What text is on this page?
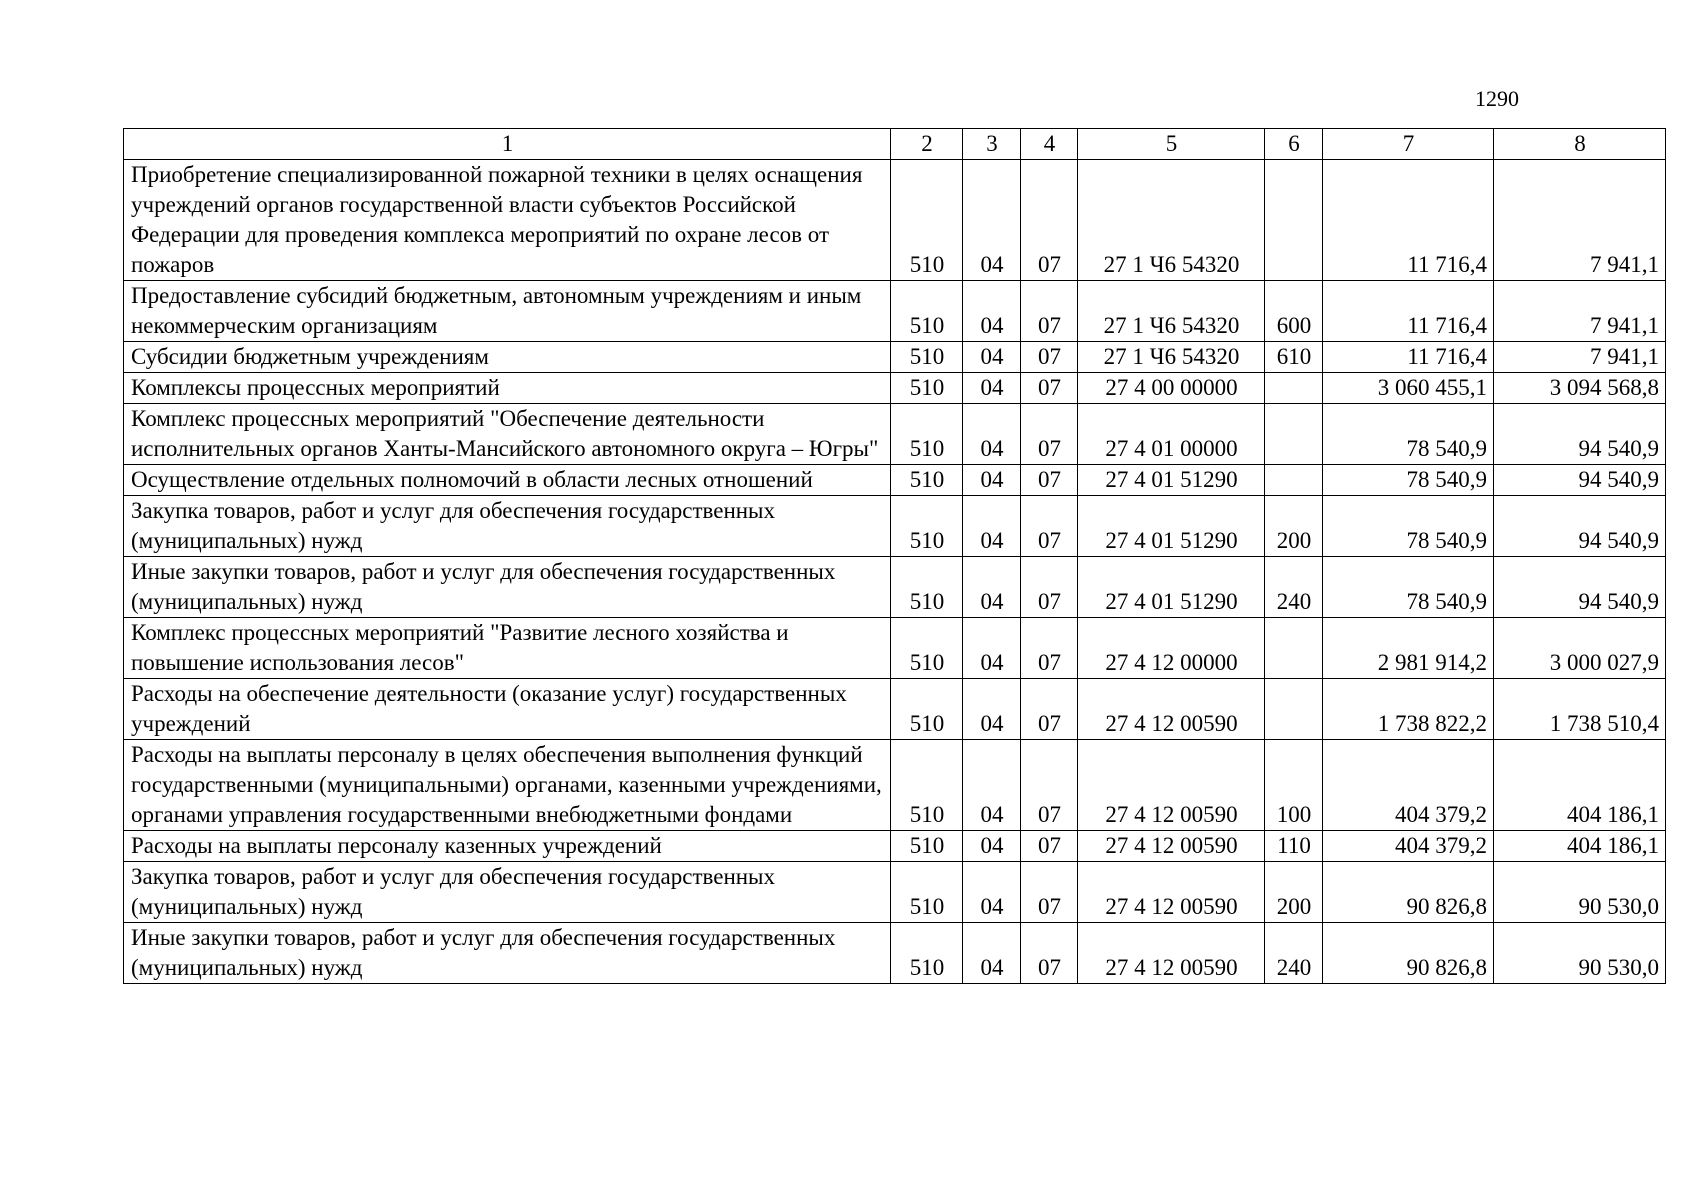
1290
1	2	3	4	5	6	7	8
Приобретение специализированной пожарной техники в целях оснащения учреждений органов государственной власти субъектов Российской Федерации для проведения комплекса мероприятий по охране лесов от пожаров	510	04	07	27 1 Ч6 54320		11 716,4	7 941,1
Предоставление субсидий бюджетным, автономным учреждениям и иным некоммерческим организациям	510	04	07	27 1 Ч6 54320	600	11 716,4	7 941,1
Субсидии бюджетным учреждениям	510	04	07	27 1 Ч6 54320	610	11 716,4	7 941,1
Комплексы процессных мероприятий	510	04	07	27 4 00 00000		3 060 455,1	3 094 568,8
Комплекс процессных мероприятий "Обеспечение деятельности исполнительных органов Ханты-Мансийского автономного округа – Югры"	510	04	07	27 4 01 00000		78 540,9	94 540,9
Осуществление отдельных полномочий в области лесных отношений	510	04	07	27 4 01 51290		78 540,9	94 540,9
Закупка товаров, работ и услуг для обеспечения государственных (муниципальных) нужд	510	04	07	27 4 01 51290	200	78 540,9	94 540,9
Иные закупки товаров, работ и услуг для обеспечения государственных (муниципальных) нужд	510	04	07	27 4 01 51290	240	78 540,9	94 540,9
Комплекс процессных мероприятий "Развитие лесного хозяйства и повышение использования лесов"	510	04	07	27 4 12 00000		2 981 914,2	3 000 027,9
Расходы на обеспечение деятельности (оказание услуг) государственных учреждений	510	04	07	27 4 12 00590		1 738 822,2	1 738 510,4
Расходы на выплаты персоналу в целях обеспечения выполнения функций государственными (муниципальными) органами, казенными учреждениями, органами управления государственными внебюджетными фондами	510	04	07	27 4 12 00590	100	404 379,2	404 186,1
Расходы на выплаты персоналу казенных учреждений	510	04	07	27 4 12 00590	110	404 379,2	404 186,1
Закупка товаров, работ и услуг для обеспечения государственных (муниципальных) нужд	510	04	07	27 4 12 00590	200	90 826,8	90 530,0
Иные закупки товаров, работ и услуг для обеспечения государственных (муниципальных) нужд	510	04	07	27 4 12 00590	240	90 826,8	90 530,0
